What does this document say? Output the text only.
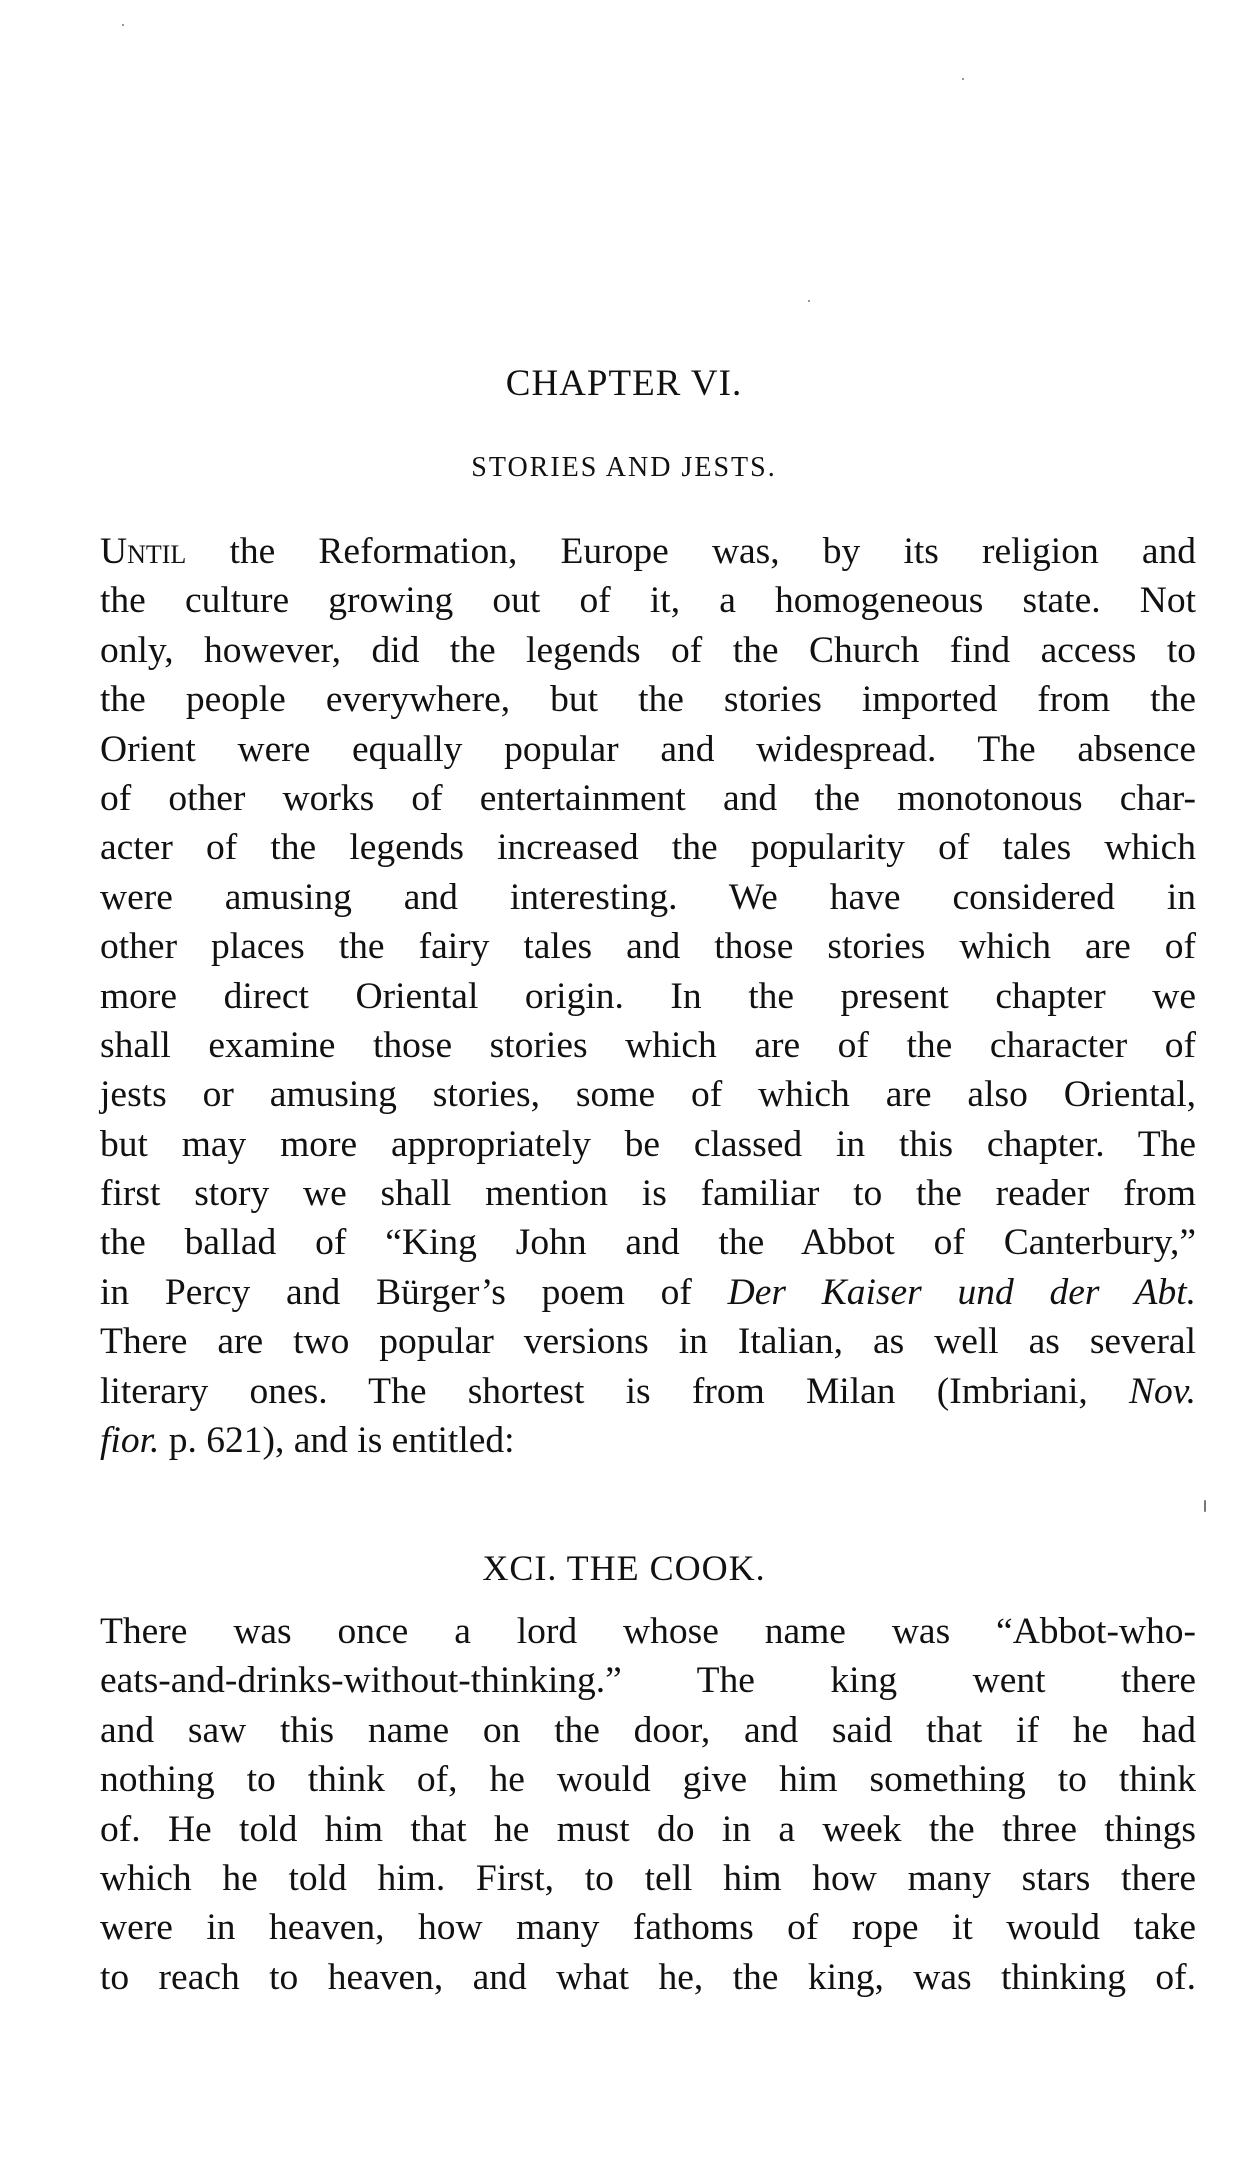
CHAPTER VI.
STORIES AND JESTS.
Until the Reformation, Europe was, by its religion and
the culture growing out of it, a homogeneous state. Not
only, however, did the legends of the Church find access to
the people everywhere, but the stories imported from the
Orient were equally popular and widespread. The absence
of other works of entertainment and the monotonous char-
acter of the legends increased the popularity of tales which
were amusing and interesting. We have considered in
other places the fairy tales and those stories which are of
more direct Oriental origin. In the present chapter we
shall examine those stories which are of the character of
jests or amusing stories, some of which are also Oriental,
but may more appropriately be classed in this chapter. The
first story we shall mention is familiar to the reader from
the ballad of “King John and the Abbot of Canterbury,”
in Percy and Bürger’s poem of Der Kaiser und der Abt.
There are two popular versions in Italian, as well as several
literary ones. The shortest is from Milan (Imbriani, Nov.
fior. p. 621), and is entitled:
XCI. THE COOK.
There was once a lord whose name was “Abbot-who-
eats-and-drinks-without-thinking.” The king went there
and saw this name on the door, and said that if he had
nothing to think of, he would give him something to think
of. He told him that he must do in a week the three things
which he told him. First, to tell him how many stars there
were in heaven, how many fathoms of rope it would take
to reach to heaven, and what he, the king, was thinking of.
